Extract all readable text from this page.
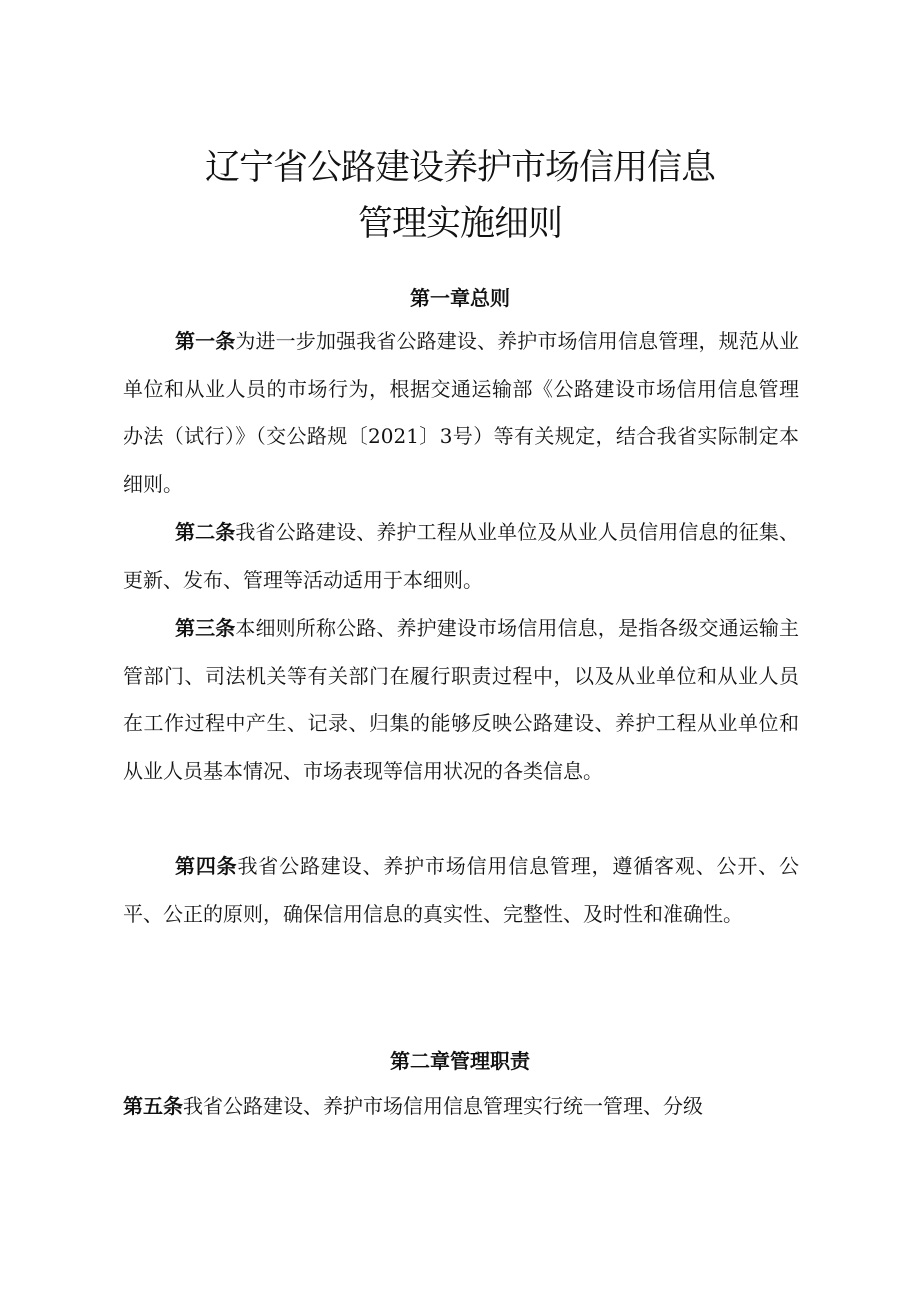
辽宁省公路建设养护市场信用信息
管理实施细则
第一章总则
第一条为进一步加强我省公路建设、养护市场信用信息管理，规范从业单位和从业人员的市场行为，根据交通运输部《公路建设市场信用信息管理办法（试行）》（交公路规〔2021〕3号）等有关规定，结合我省实际制定本细则。
第二条我省公路建设、养护工程从业单位及从业人员信用信息的征集、更新、发布、管理等活动适用于本细则。
第三条本细则所称公路、养护建设市场信用信息，是指各级交通运输主管部门、司法机关等有关部门在履行职责过程中，以及从业单位和从业人员在工作过程中产生、记录、归集的能够反映公路建设、养护工程从业单位和从业人员基本情况、市场表现等信用状况的各类信息。
第四条我省公路建设、养护市场信用信息管理，遵循客观、公开、公平、公正的原则，确保信用信息的真实性、完整性、及时性和准确性。
第二章管理职责
第五条我省公路建设、养护市场信用信息管理实行统一管理、分级
